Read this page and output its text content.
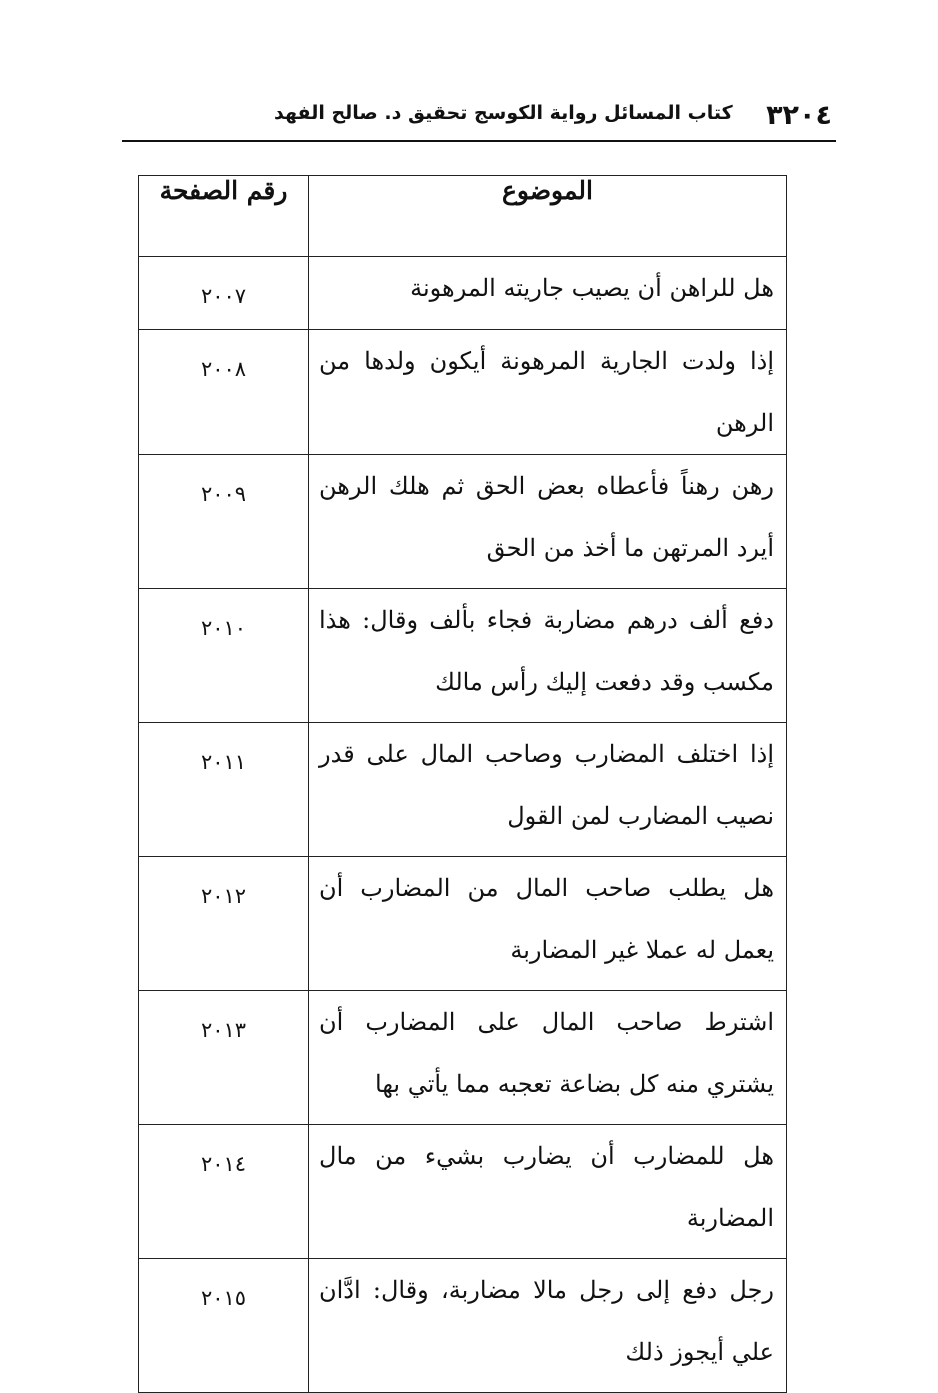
٣٢٠٤
كتاب المسائل رواية الكوسج تحقيق د. صالح الفهد
الموضوع	رقم الصفحة
هل للراهن أن يصيب جاريته المرهونة	٢٠٠٧
إذا ولدت الجارية المرهونة أيكون ولدها من الرهن	٢٠٠٨
رهن رهناً فأعطاه بعض الحق ثم هلك الرهن أيرد المرتهن ما أخذ من الحق	٢٠٠٩
دفع ألف درهم مضاربة فجاء بألف وقال: هذا مكسب وقد دفعت إليك رأس مالك	٢٠١٠
إذا اختلف المضارب وصاحب المال على قدر نصيب المضارب لمن القول	٢٠١١
هل يطلب صاحب المال من المضارب أن يعمل له عملا غير المضاربة	٢٠١٢
اشترط صاحب المال على المضارب أن يشتري منه كل بضاعة تعجبه مما يأتي بها	٢٠١٣
هل للمضارب أن يضارب بشيء من مال المضاربة	٢٠١٤
رجل دفع إلى رجل مالا مضاربة، وقال: ادَّان علي أيجوز ذلك	٢٠١٥
